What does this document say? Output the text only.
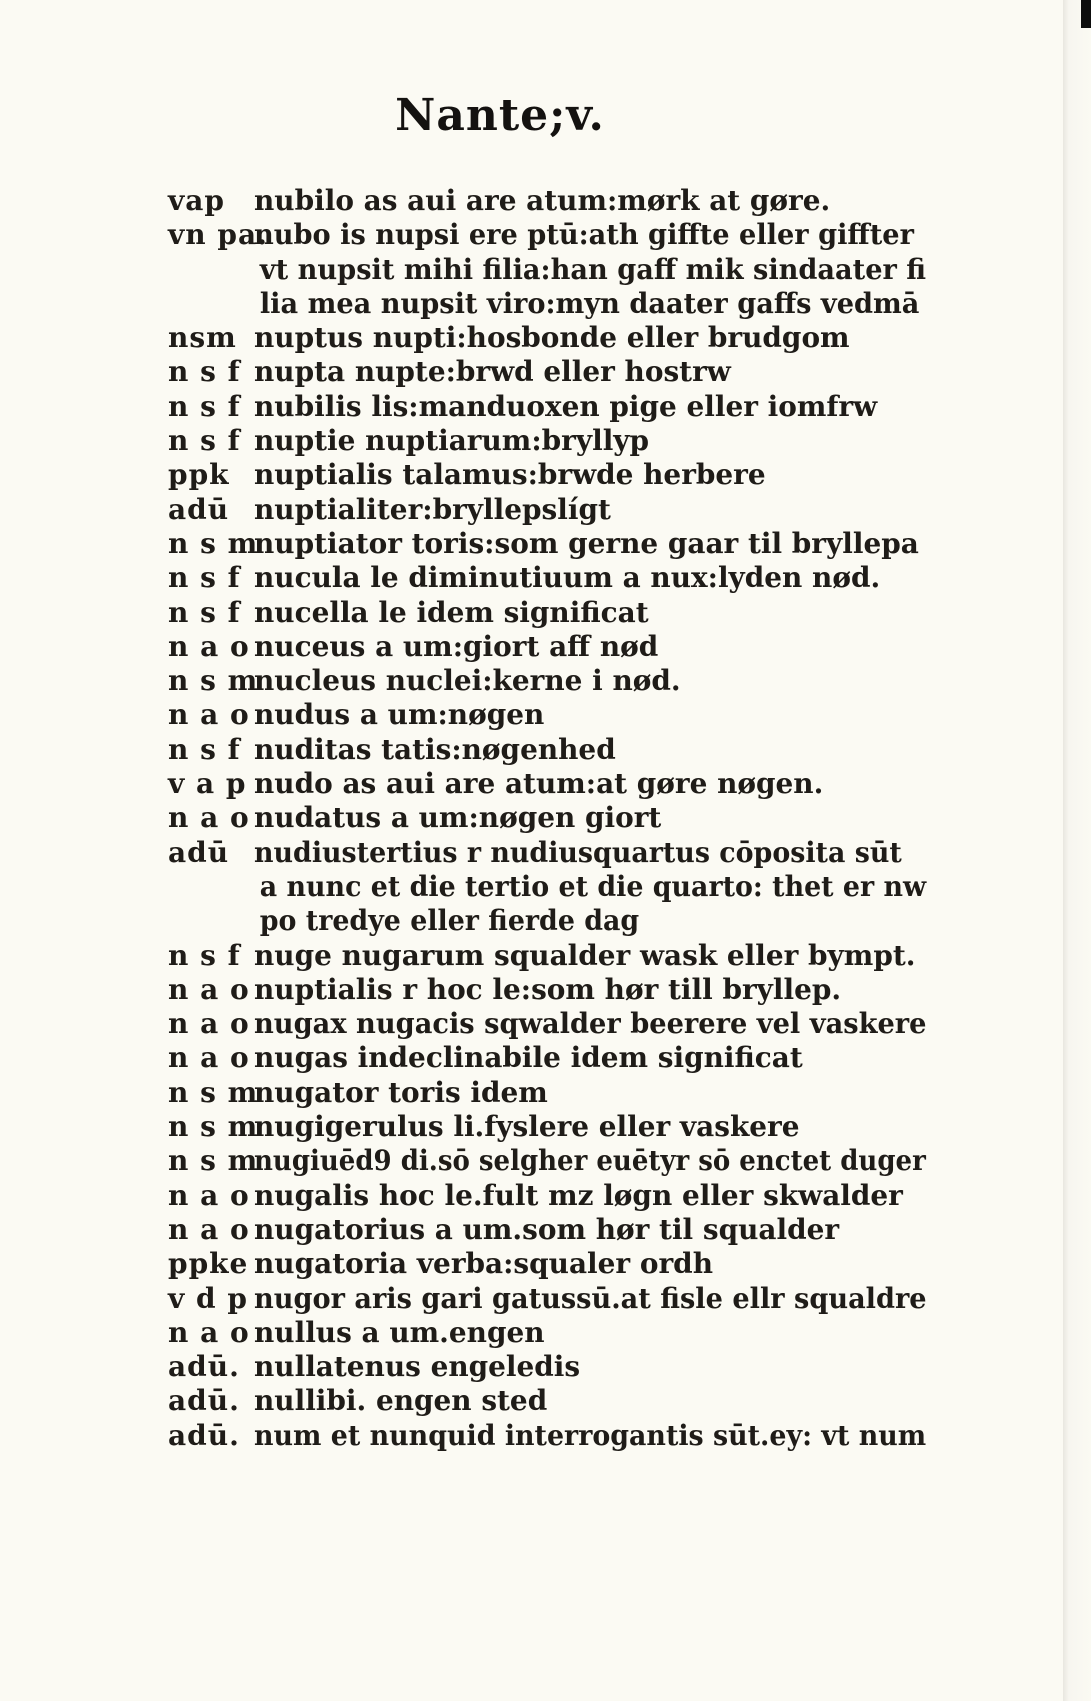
Nante;v.
vap	nubilo as aui are atum:mørk at gøre.
vn pa.
nubo is nupsi ere ptū:ath giffte eller giffter
vt nupsit mihi filia:han gaff mik sindaater fi
lia mea nupsit viro:myn daater gaffs vedmā
nsm nuptus nupti:hosbonde eller brudgom
n s f nupta nupte:brwd eller hostrw
n s f nubilis lis:manduoxen pige eller iomfrw
n s f nuptie nuptiarum:bryllyp
ppk nuptialis talamus:brwde herbere
adū nuptialiter:bryllepslígt
n s m
nuptiator toris:som gerne gaar til bryllepa
n s f nucula le diminutiuum a nux:lyden nød.
n s f nucella le idem significat
n a o nuceus a um:giort aff nød
n s m
nucleus nuclei:kerne i nød.
n a o nudus a um:nøgen
n s f nuditas tatis:nøgenhed
v a p nudo as aui are atum:at gøre nøgen.
n a o nudatus a um:nøgen giort
adū nudiustertius r nudiusquartus cōposita sūt
a nunc et die tertio et die quarto: thet er nw
po tredye eller fierde dag
n s f nuge nugarum squalder wask eller bympt.
n a o nuptialis r hoc le:som hør till bryllep.
n a o nugax nugacis sqwalder beerere vel vaskere
n a o nugas indeclinabile idem significat
n s m
nugator toris idem
n s m
nugigerulus li.fyslere eller vaskere
n s m
nugiuēd9 di.sō selgher euētyr sō enctet duger
n a o nugalis hoc le.fult mz løgn eller skwalder
n a o nugatorius a um.som hør til squalder
ppke nugatoria verba:squaler ordh
v d p nugor aris gari gatussū.at fisle ellr squaldre
n a o nullus a um.engen
adū. nullatenus engeledis
adū. nullibi. engen sted
adū. num et nunquid interrogantis sūt.ey: vt num
